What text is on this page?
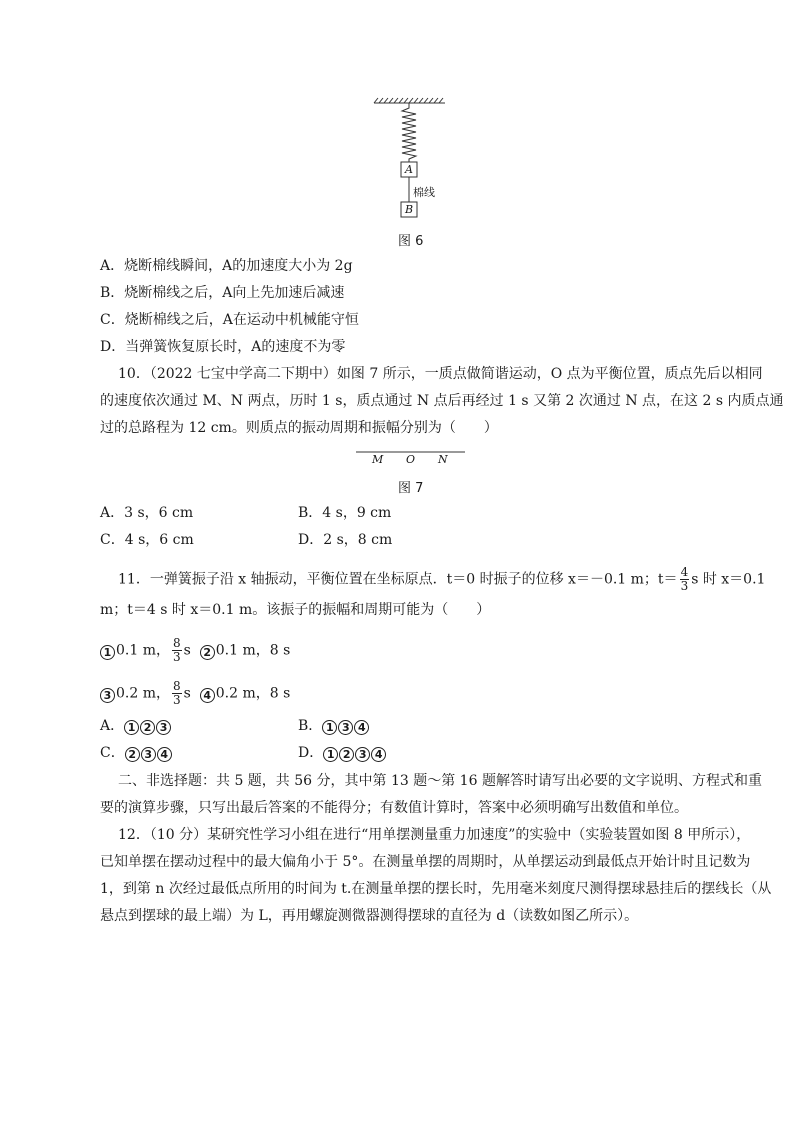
A
B
棉线
图 6
A．烧断棉线瞬间，A的加速度大小为 2g
B．烧断棉线之后，A向上先加速后减速
C．烧断棉线之后，A在运动中机械能守恒
D．当弹簧恢复原长时，A的速度不为零
10．（2022 七宝中学高二下期中）如图 7 所示，一质点做简谐运动，O 点为平衡位置，质点先后以相同
的速度依次通过 M、N 两点，历时 1 s，质点通过 N 点后再经过 1 s 又第 2 次通过 N 点，在这 2 s 内质点通
过的总路程为 12 cm。则质点的振动周期和振幅分别为（　　）
M O N
图 7
A．3 s，6 cm	B．4 s，9 cm
C．4 s，6 cm	D．2 s，8 cm
11．一弹簧振子沿 x 轴振动，平衡位置在坐标原点．t＝0 时振子的位移 x＝－0.1 m；$t= \frac{4}{3}$ s 时 x＝0.1
m；t＝4 s 时 x＝0.1 m。该振子的振幅和周期可能为（　　）
1 0.1 m， $\frac{8}{3}$ s 2 0.1 m，8 s
3 0.2 m， $\frac{8}{3}$ s 4 0.2 m，8 s
A． 1 2 3	B． 1 3 4
C． 2 3 4	D． 1 2 3 4
二、非选择题：共 5 题，共 56 分，其中第 13 题～第 16 题解答时请写出必要的文字说明、方程式和重
要的演算步骤，只写出最后答案的不能得分；有数值计算时，答案中必须明确写出数值和单位。
12．（10 分）某研究性学习小组在进行“用单摆测量重力加速度”的实验中（实验装置如图 8 甲所示），
已知单摆在摆动过程中的最大偏角小于 5°。在测量单摆的周期时，从单摆运动到最低点开始计时且记数为
1，到第 n 次经过最低点所用的时间为 t.在测量单摆的摆长时，先用毫米刻度尺测得摆球悬挂后的摆线长（从
悬点到摆球的最上端）为 L，再用螺旋测微器测得摆球的直径为 d（读数如图乙所示）。
